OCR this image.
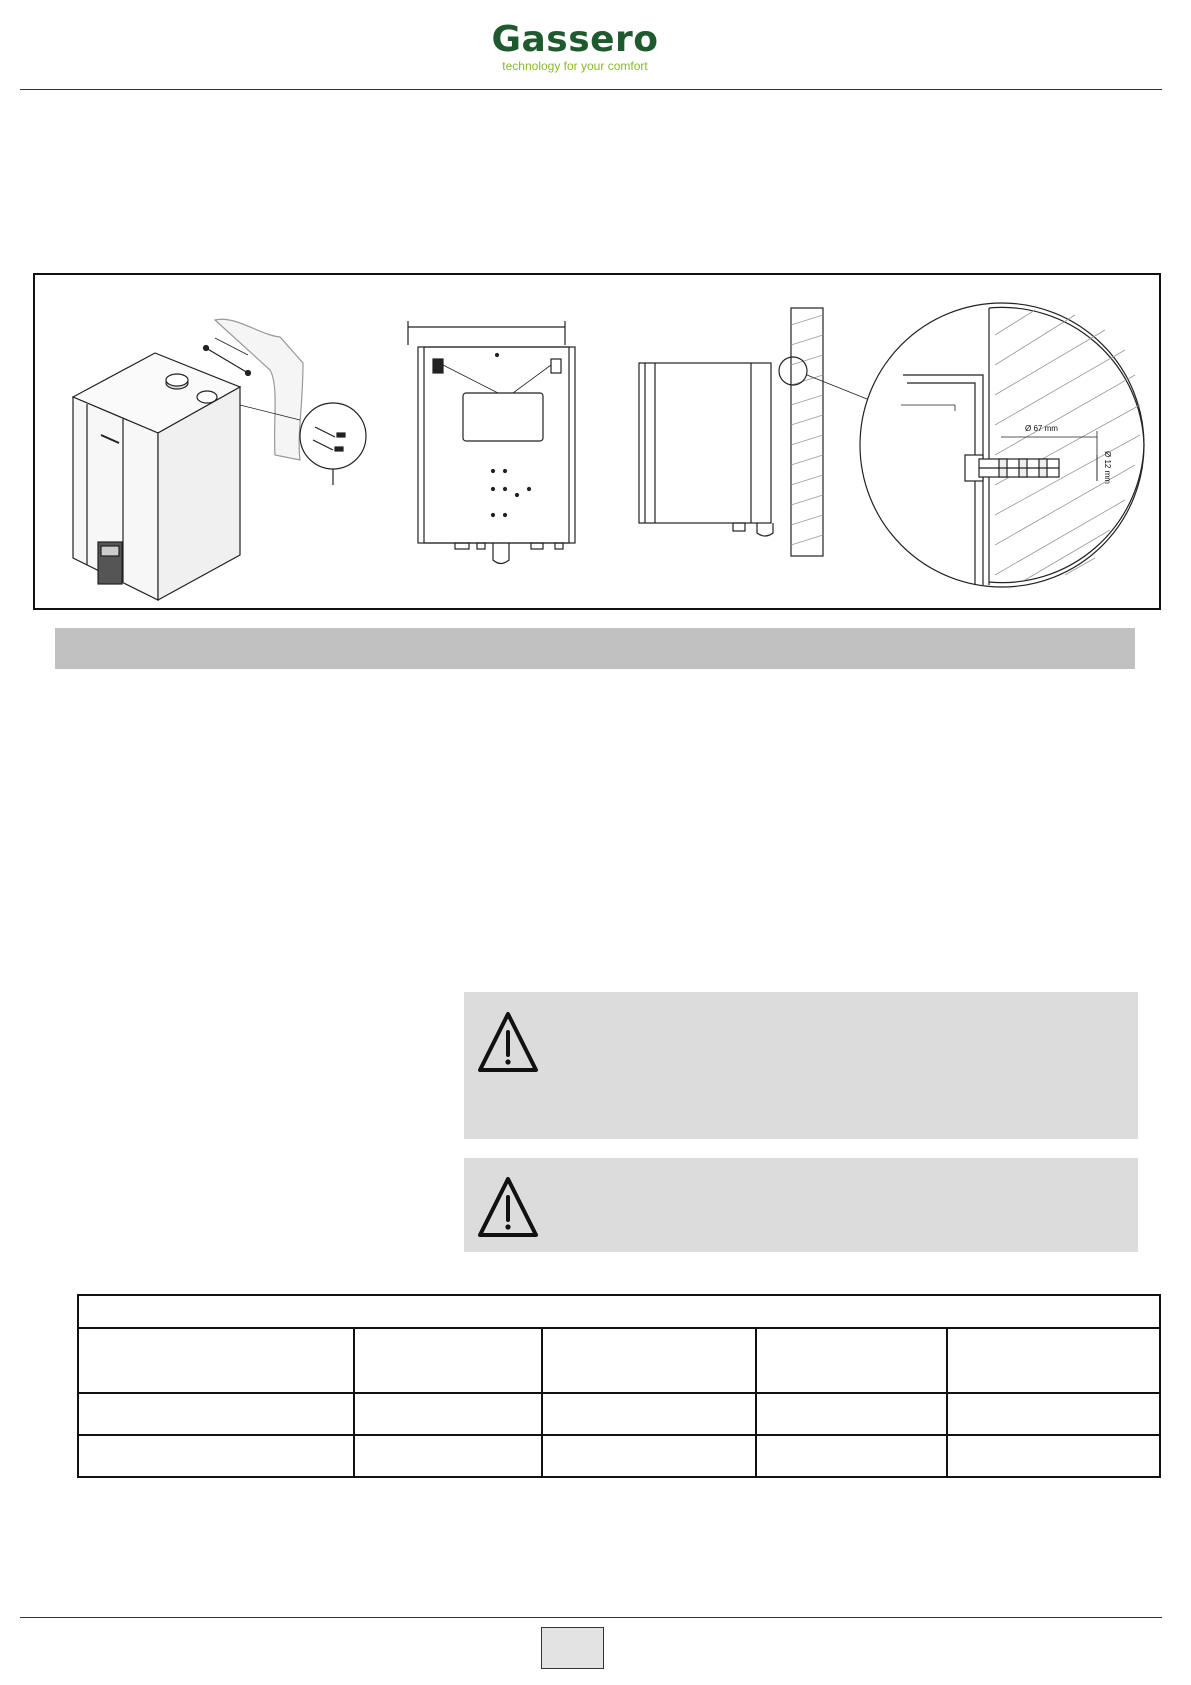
Gassero
technology for your comfort
Ø 67 mm
Ø 12 mm
